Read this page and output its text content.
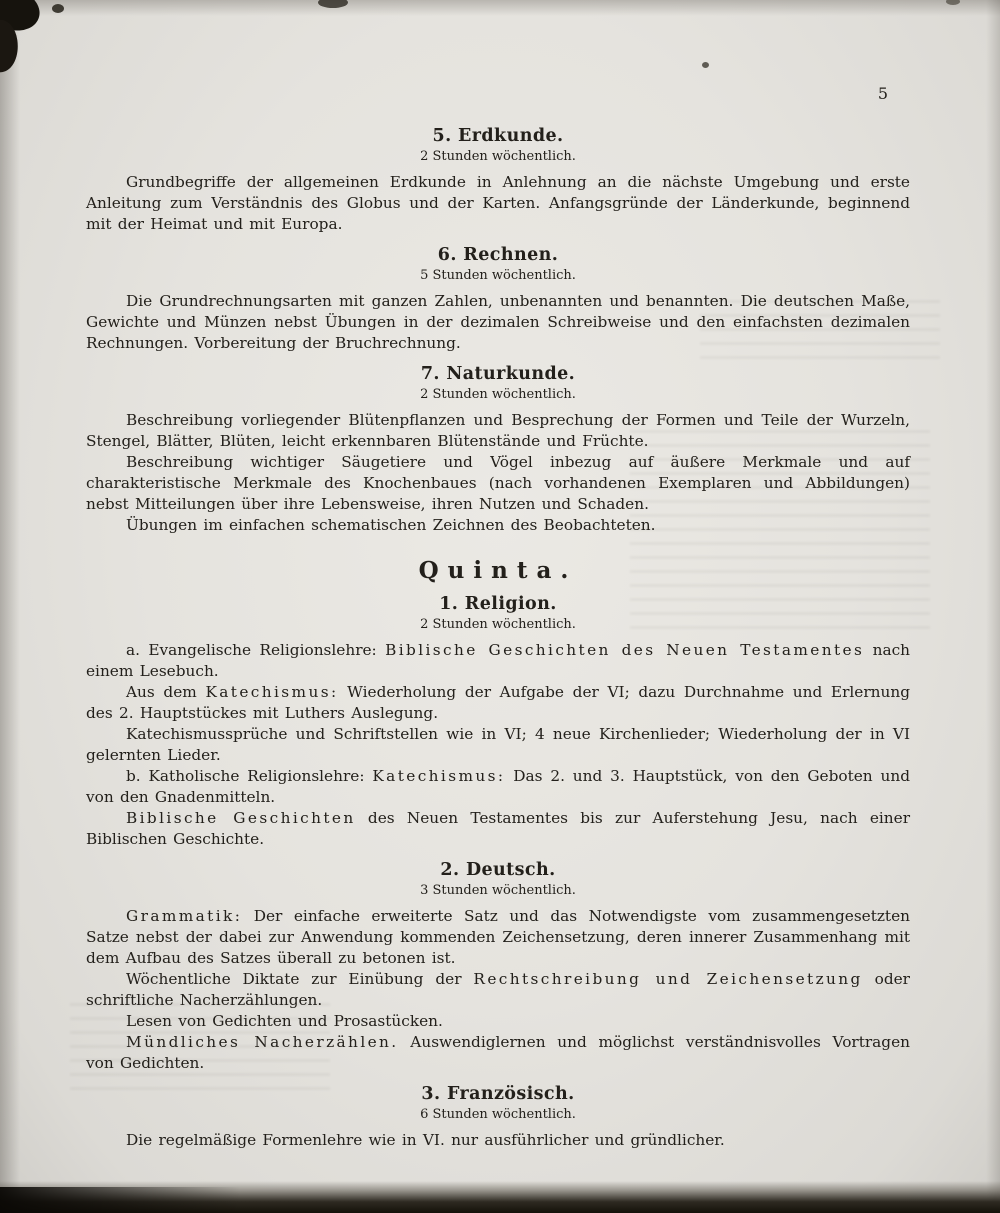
5
5. Erdkunde.
2 Stunden wöchentlich.

Grundbegriffe der allgemeinen Erdkunde in Anlehnung an die nächste Umgebung und erste Anleitung zum Verständnis des Globus und der Karten. Anfangsgründe der Länderkunde, beginnend mit der Heimat und mit Europa.

6. Rechnen.
5 Stunden wöchentlich.

Die Grundrechnungsarten mit ganzen Zahlen, unbenannten und benannten. Die deutschen Maße, Gewichte und Münzen nebst Übungen in der dezimalen Schreibweise und den einfachsten dezimalen Rechnungen. Vorbereitung der Bruchrechnung.

7. Naturkunde.
2 Stunden wöchentlich.

Beschreibung vorliegender Blütenpflanzen und Besprechung der Formen und Teile der Wurzeln, Stengel, Blätter, Blüten, leicht erkennbaren Blütenstände und Früchte.

Beschreibung wichtiger Säugetiere und Vögel inbezug auf äußere Merkmale und auf charakteristische Merkmale des Knochenbaues (nach vorhandenen Exemplaren und Abbildungen) nebst Mitteilungen über ihre Lebensweise, ihren Nutzen und Schaden.

Übungen im einfachen schematischen Zeichnen des Beobachteten.

Quinta.
1. Religion.
2 Stunden wöchentlich.

a. Evangelische Religionslehre: Biblische Geschichten des Neuen Testamentes nach einem Lesebuch.

Aus dem Katechismus: Wiederholung der Aufgabe der VI; dazu Durchnahme und Erlernung des 2. Hauptstückes mit Luthers Auslegung.

Katechismussprüche und Schriftstellen wie in VI; 4 neue Kirchenlieder; Wiederholung der in VI gelernten Lieder.

b. Katholische Religionslehre: Katechismus: Das 2. und 3. Hauptstück, von den Geboten und von den Gnadenmitteln.

Biblische Geschichten des Neuen Testamentes bis zur Auferstehung Jesu, nach einer Biblischen Geschichte.

2. Deutsch.
3 Stunden wöchentlich.

Grammatik: Der einfache erweiterte Satz und das Notwendigste vom zusammengesetzten Satze nebst der dabei zur Anwendung kommenden Zeichensetzung, deren innerer Zusammenhang mit dem Aufbau des Satzes überall zu betonen ist.

Wöchentliche Diktate zur Einübung der Rechtschreibung und Zeichensetzung oder schriftliche Nacherzählungen.

Lesen von Gedichten und Prosastücken.

Mündliches Nacherzählen. Auswendiglernen und möglichst verständnisvolles Vortragen von Gedichten.

3. Französisch.
6 Stunden wöchentlich.

Die regelmäßige Formenlehre wie in VI. nur ausführlicher und gründlicher.
